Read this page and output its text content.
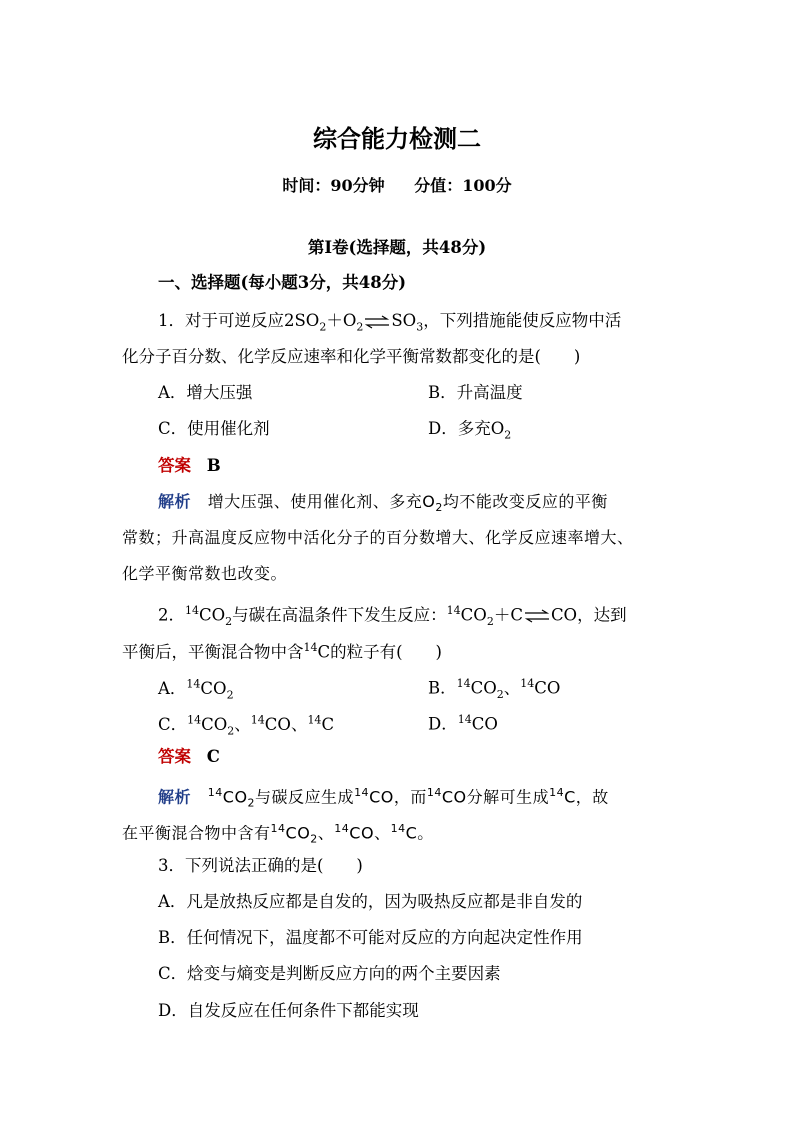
综合能力检测二
时间：90分钟 分值：100分
第Ⅰ卷(选择题，共48分)
一、选择题(每小题3分，共48分)
1．对于可逆反应$2SO_2+O_2\rightleftharpoons SO_3$，下列措施能使反应物中活
化分子百分数、化学反应速率和化学平衡常数都变化的是(　　)
A．增大压强	B．升高温度
C．使用催化剂	D．多充$O_2$
答案 B
解析 增大压强、使用催化剂、多充$O_2$均不能改变反应的平衡
常数；升高温度反应物中活化分子的百分数增大、化学反应速率增大、
化学平衡常数也改变。
2．$^{14}CO_2$与碳在高温条件下发生反应：$^{14}CO_2+C\rightleftharpoons CO$，达到
平衡后，平衡混合物中含$^{14}$C的粒子有(　　)
A．$^{14}CO_2$	B．$^{14}CO_2$、$^{14}$CO
C．$^{14}CO_2$、$^{14}$CO、$^{14}$C	D．$^{14}$CO
答案 C
解析 $^{14}CO_2$与碳反应生成$^{14}$CO，而$^{14}$CO分解可生成$^{14}$C，故
在平衡混合物中含有$^{14}CO_2$、$^{14}$CO、$^{14}$C。
3．下列说法正确的是(　　)
A．凡是放热反应都是自发的，因为吸热反应都是非自发的
B．任何情况下，温度都不可能对反应的方向起决定性作用
C．焓变与熵变是判断反应方向的两个主要因素
D．自发反应在任何条件下都能实现
